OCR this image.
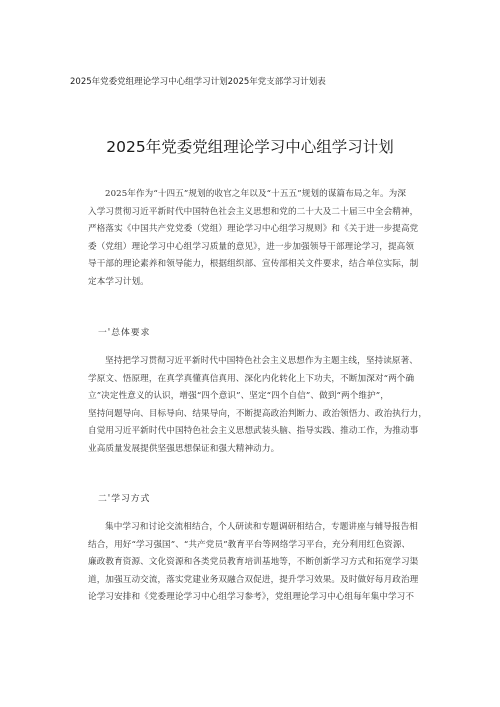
2025年党委党组理论学习中心组学习计划2025年党支部学习计划表
2025年党委党组理论学习中心组学习计划
2025年作为“十四五”规划的收官之年以及“十五五”规划的谋篇布局之年。为深
入学习贯彻习近平新时代中国特色社会主义思想和党的二十大及二十届三中全会精神，
严格落实《中国共产党党委（党组）理论学习中心组学习规则》和《关于进一步提高党
委（党组）理论学习中心组学习质量的意见》，进一步加强领导干部理论学习，提高领
导干部的理论素养和领导能力，根据组织部、宣传部相关文件要求，结合单位实际，制
定本学习计划。
一'总体要求
坚持把学习贯彻习近平新时代中国特色社会主义思想作为主题主线，坚持读原著、
学原文、悟原理，在真学真懂真信真用、深化内化转化上下功夫，不断加深对“两个确
立”决定性意义的认识，增强“四个意识”、坚定“四个自信”、做到“两个维护”，
坚持问题导向、目标导向、结果导向，不断提高政治判断力、政治领悟力、政治执行力，
自觉用习近平新时代中国特色社会主义思想武装头脑、指导实践、推动工作，为推动事
业高质量发展提供坚强思想保证和强大精神动力。
二'学习方式
集中学习和讨论交流相结合，个人研读和专题调研相结合，专题讲座与辅导报告相
结合，用好“学习强国”、“共产党员”教育平台等网络学习平台，充分利用红色资源、
廉政教育资源、文化资源和各类党员教育培训基地等，不断创新学习方式和拓宽学习渠
道，加强互动交流，落实党建业务双融合双促进，提升学习效果。及时做好每月政治理
论学习安排和《党委理论学习中心组学习参考》，党组理论学习中心组每年集中学习不
